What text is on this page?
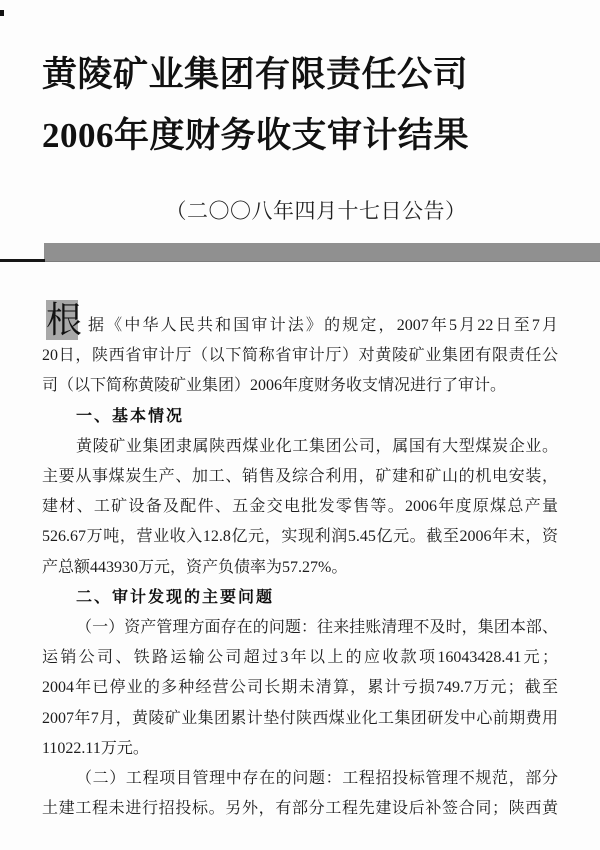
黄陵矿业集团有限责任公司
2006年度财务收支审计结果
（二〇〇八年四月十七日公告）
根 据《中华人民共和国审计法》的规定，2007年5月22日至7月

20日，陕西省审计厅（以下简称省审计厅）对黄陵矿业集团有限责任公

司（以下简称黄陵矿业集团）2006年度财务收支情况进行了审计。

一、基本情况

黄陵矿业集团隶属陕西煤业化工集团公司，属国有大型煤炭企业。

主要从事煤炭生产、加工、销售及综合利用，矿建和矿山的机电安装，

建材、工矿设备及配件、五金交电批发零售等。2006年度原煤总产量

526.67万吨，营业收入12.8亿元，实现利润5.45亿元。截至2006年末，资

产总额443930万元，资产负债率为57.27%。

二、审计发现的主要问题

（一）资产管理方面存在的问题：往来挂账清理不及时，集团本部、

运销公司、铁路运输公司超过3年以上的应收款项16043428.41元；

2004年已停业的多种经营公司长期未清算，累计亏损749.7万元；截至

2007年7月，黄陵矿业集团累计垫付陕西煤业化工集团研发中心前期费用

11022.11万元。

（二）工程项目管理中存在的问题：工程招投标管理不规范，部分

土建工程未进行招投标。另外，有部分工程先建设后补签合同；陕西黄
